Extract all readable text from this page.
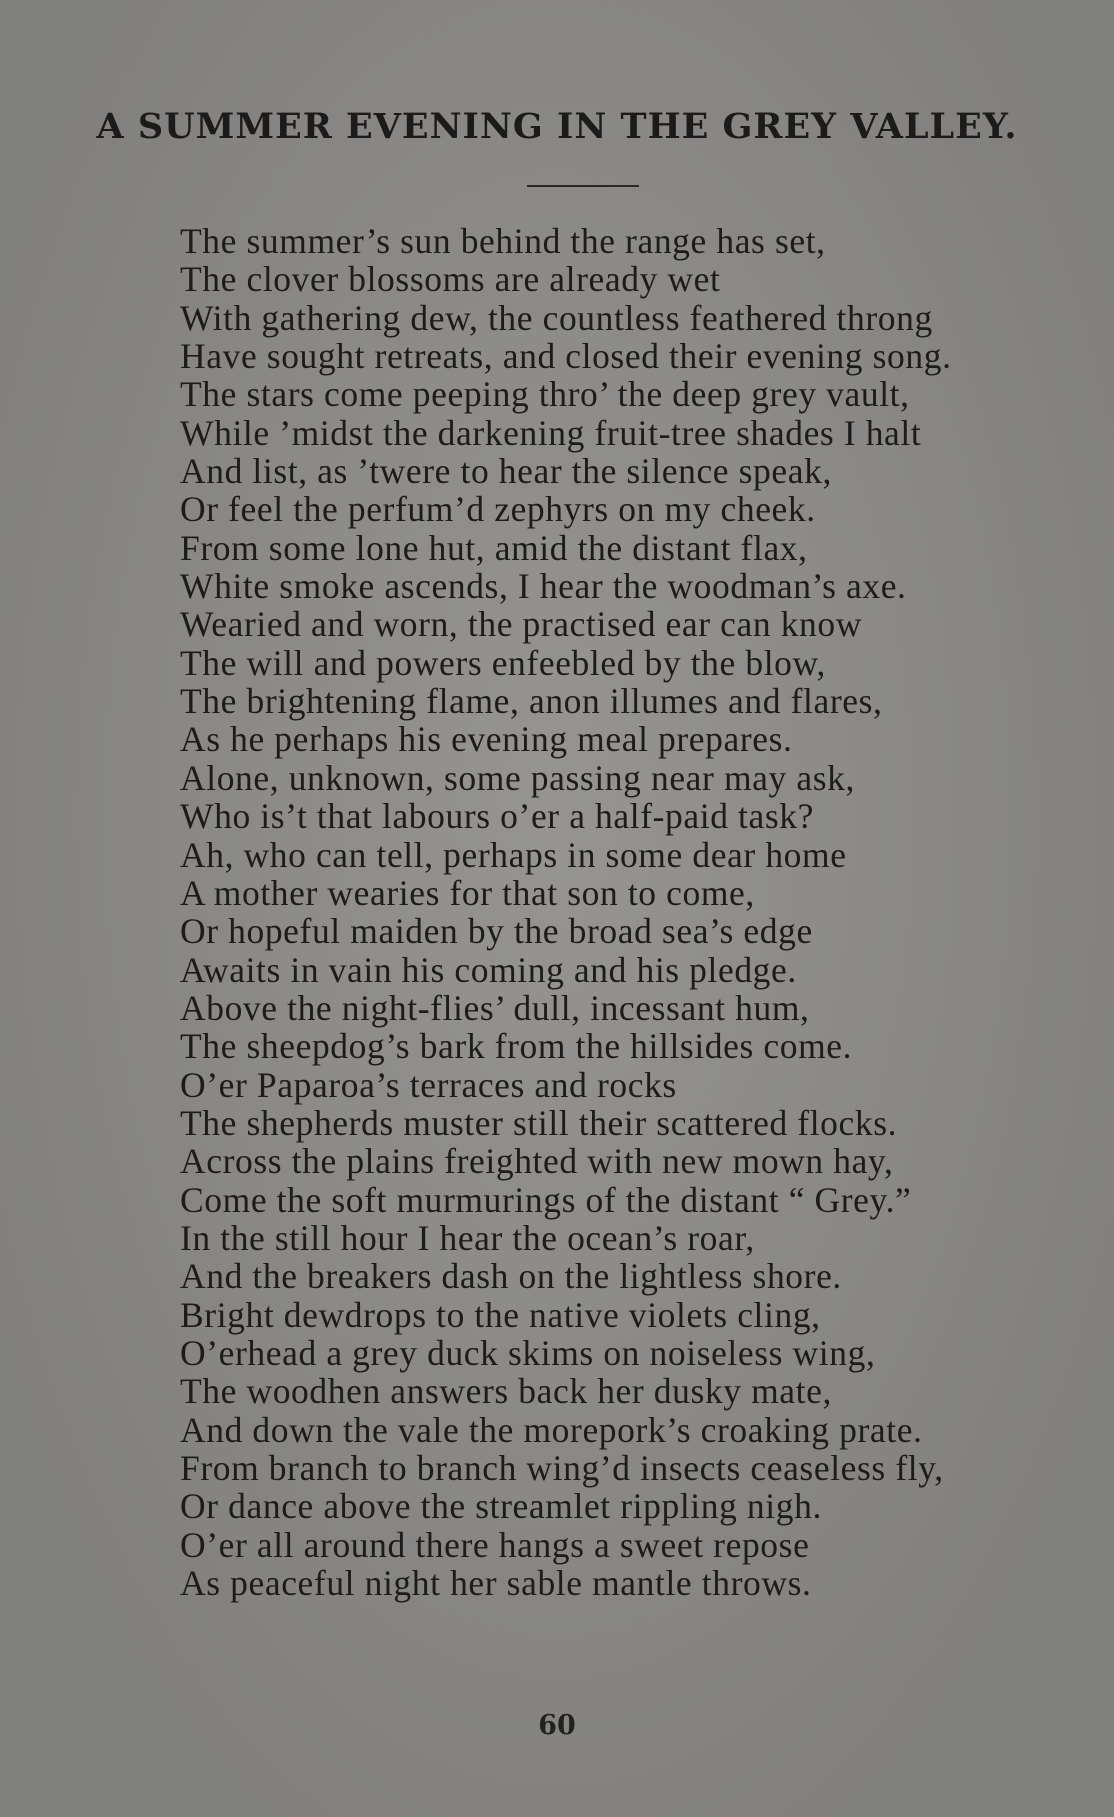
A SUMMER EVENING IN THE GREY VALLEY.
The summer’s sun behind the range has set,
The clover blossoms are already wet
With gathering dew, the countless feathered throng
Have sought retreats, and closed their evening song.
The stars come peeping thro’ the deep grey vault,
While ’midst the darkening fruit-tree shades I halt
And list, as ’twere to hear the silence speak,
Or feel the perfum’d zephyrs on my cheek.
From some lone hut, amid the distant flax,
White smoke ascends, I hear the woodman’s axe.
Wearied and worn, the practised ear can know
The will and powers enfeebled by the blow,
The brightening flame, anon illumes and flares,
As he perhaps his evening meal prepares.
Alone, unknown, some passing near may ask,
Who is’t that labours o’er a half-paid task?
Ah, who can tell, perhaps in some dear home
A mother wearies for that son to come,
Or hopeful maiden by the broad sea’s edge
Awaits in vain his coming and his pledge.
Above the night-flies’ dull, incessant hum,
The sheepdog’s bark from the hillsides come.
O’er Paparoa’s terraces and rocks
The shepherds muster still their scattered flocks.
Across the plains freighted with new mown hay,
Come the soft murmurings of the distant “ Grey.”
In the still hour I hear the ocean’s roar,
And the breakers dash on the lightless shore.
Bright dewdrops to the native violets cling,
O’erhead a grey duck skims on noiseless wing,
The woodhen answers back her dusky mate,
And down the vale the morepork’s croaking prate.
From branch to branch wing’d insects ceaseless fly,
Or dance above the streamlet rippling nigh.
O’er all around there hangs a sweet repose
As peaceful night her sable mantle throws.
60
